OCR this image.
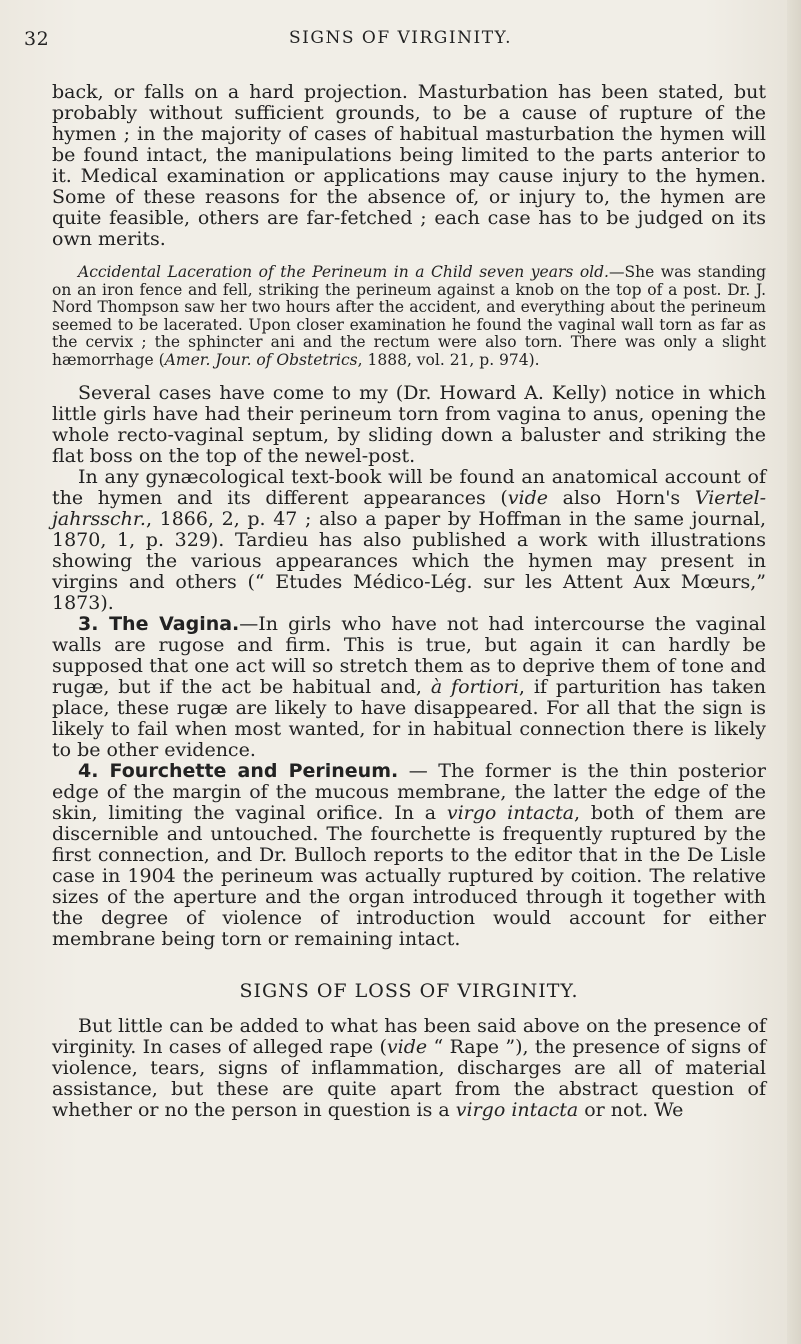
32	SIGNS OF VIRGINITY.

back, or falls on a hard projection. Masturbation has been stated, but probably without sufficient grounds, to be a cause of rupture of the hymen ; in the majority of cases of habitual masturbation the hymen will be found intact, the manipulations being limited to the parts anterior to it. Medical examination or applications may cause injury to the hymen. Some of these reasons for the absence of, or injury to, the hymen are quite feasible, others are far-fetched ; each case has to be judged on its own merits.

Accidental Laceration of the Perineum in a Child seven years old.—She was standing on an iron fence and fell, striking the perineum against a knob on the top of a post. Dr. J. Nord Thompson saw her two hours after the accident, and everything about the perineum seemed to be lacerated. Upon closer examination he found the vaginal wall torn as far as the cervix ; the sphincter ani and the rectum were also torn. There was only a slight hæmorrhage (Amer. Jour. of Obstetrics, 1888, vol. 21, p. 974).

Several cases have come to my (Dr. Howard A. Kelly) notice in which little girls have had their perineum torn from vagina to anus, opening the whole recto-vaginal septum, by sliding down a baluster and striking the flat boss on the top of the newel-post.

In any gynæcological text-book will be found an anatomical account of the hymen and its different appearances (vide also Horn's Viertel-jahrsschr., 1866, 2, p. 47 ; also a paper by Hoffman in the same journal, 1870, 1, p. 329). Tardieu has also published a work with illustrations showing the various appearances which the hymen may present in virgins and others (“ Etudes Médico-Lég. sur les Attent Aux Mœurs,” 1873).

3. The Vagina.—In girls who have not had intercourse the vaginal walls are rugose and firm. This is true, but again it can hardly be supposed that one act will so stretch them as to deprive them of tone and rugæ, but if the act be habitual and, à fortiori, if parturition has taken place, these rugæ are likely to have disappeared. For all that the sign is likely to fail when most wanted, for in habitual connection there is likely to be other evidence.

4. Fourchette and Perineum. — The former is the thin posterior edge of the margin of the mucous membrane, the latter the edge of the skin, limiting the vaginal orifice. In a virgo intacta, both of them are discernible and untouched. The fourchette is frequently ruptured by the first connection, and Dr. Bulloch reports to the editor that in the De Lisle case in 1904 the perineum was actually ruptured by coition. The relative sizes of the aperture and the organ introduced through it together with the degree of violence of introduction would account for either membrane being torn or remaining intact.

SIGNS OF LOSS OF VIRGINITY.

But little can be added to what has been said above on the presence of virginity. In cases of alleged rape (vide “ Rape ”), the presence of signs of violence, tears, signs of inflammation, discharges are all of material assistance, but these are quite apart from the abstract question of whether or no the person in question is a virgo intacta or not. We
